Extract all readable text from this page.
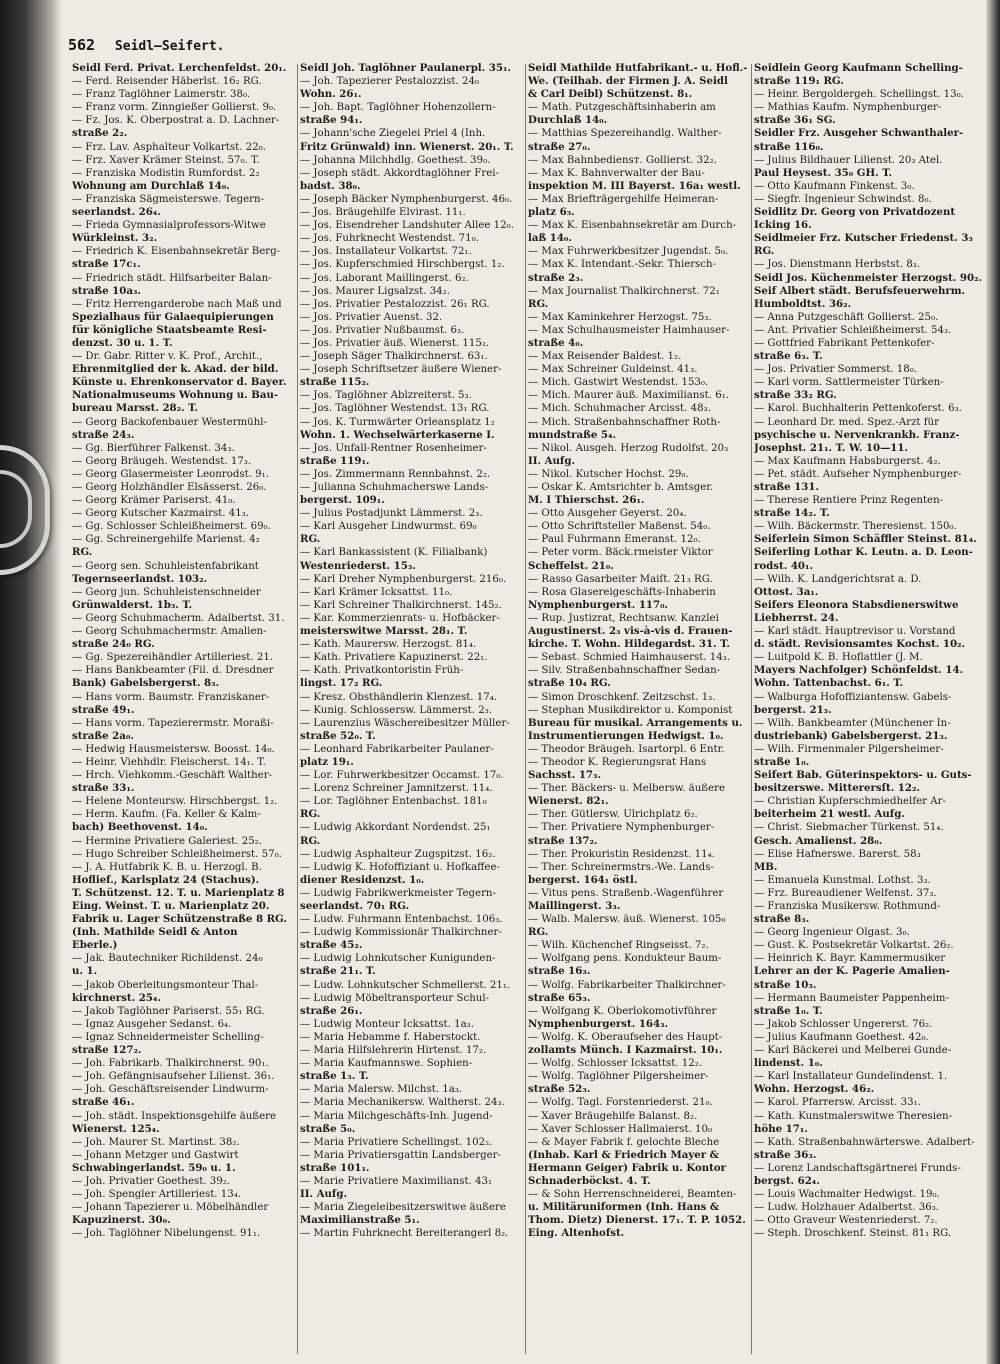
562 Seidl—Seifert.
Seidl Ferd. Privat. Lerchenfeldst. 20₁.
— Ferd. Reisender Häberlst. 16₂ RG.
— Franz Taglöhner Laimerstr. 38₀.
— Franz vorm. Zinngießer Gollierst. 9₀.
— Fz. Jos. K. Oberpostrat a. D. Lachner-
straße 2₂.
— Frz. Lav. Asphalteur Volkartst. 22₀.
— Frz. Xaver Krämer Steinst. 57₀. T.
— Franziska Modistin Rumfordst. 2₂
Wohnung am Durchlaß 14₀.
— Franziska Sägmeisterswe. Tegern-
seerlandst. 26₄.
— Frieda Gymnasialprofessors-Witwe
Würkleinst. 3₂.
— Friedrich K. Eisenbahnsekretär Berg-
straße 17c₁.
— Friedrich städt. Hilfsarbeiter Balan-
straße 10a₃.
— Fritz Herrengarderobe nach Maß und
Spezialhaus für Galaequipierungen
für königliche Staatsbeamte Resi-
denzst. 30 u. 1. T.
— Dr. Gabr. Ritter v. K. Prof., Archit.,
Ehrenmitglied der k. Akad. der bild.
Künste u. Ehrenkonservator d. Bayer.
Nationalmuseums Wohnung u. Bau-
bureau Marsst. 28₂. T.
— Georg Backofenbauer Westermühl-
straße 24₃.
— Gg. Bierführer Falkenst. 34₃.
— Georg Bräugeh. Westendst. 17₃.
— Georg Glasermeister Leonrodst. 9₁.
— Georg Holzhändler Elsässerst. 26₀.
— Georg Krämer Pariserst. 41₀.
— Georg Kutscher Kazmairst. 41₃.
— Gg. Schlosser Schleißheimerst. 69₀.
— Gg. Schreinergehilfe Marienst. 4₂
RG.
— Georg sen. Schuhleistenfabrikant
Tegernseerlandst. 103₂.
— Georg jun. Schuhleistenschneider
Grünwalderst. 1b₃. T.
— Georg Schuhmacherm. Adalbertst. 31.
— Georg Schuhmachermstr. Amalien-
straße 24₀ RG.
— Gg. Spezereihändler Artilleriest. 21.
— Hans Bankbeamter (Fil. d. Dresdner
Bank) Gabelsbergerst. 8₃.
— Hans vorm. Baumstr. Franziskaner-
straße 49₁.
— Hans vorm. Tapezierermstr. Moraßi-
straße 2a₀.
— Hedwig Hausmeistersw. Boosst. 14₀.
— Heinr. Viehhdlr. Fleischerst. 14₁. T.
— Hrch. Viehkomm.-Geschäft Walther-
straße 33₁.
— Helene Monteursw. Hirschbergst. 1₂.
— Herm. Kaufm. (Fa. Keller & Kalm-
bach) Beethovenst. 14₀.
— Hermine Privatiere Galeriest. 25₂.
— Hugo Schreiber Schleißheimerst. 57₀.
— J. A. Hutfabrik K. B. u. Herzogl. B.
Hoflief., Karlsplatz 24 (Stachus).
T. Schützenst. 12. T. u. Marienplatz 8
Eing. Weinst. T. u. Marienplatz 20.
Fabrik u. Lager Schützenstraße 8 RG.
(Inh. Mathilde Seidl & Anton
Eberle.)
— Jak. Bautechniker Richildenst. 24₀
u. 1.
— Jakob Oberleitungsmonteur Thal-
kirchnerst. 25₄.
— Jakob Taglöhner Pariserst. 55₁ RG.
— Ignaz Ausgeher Sedanst. 6₄.
— Ignaz Schneidermeister Schelling-
straße 127₂.
— Joh. Fabrikarb. Thalkirchnerst. 90₁.
— Joh. Gefängnisaufseher Lilienst. 36₁.
— Joh. Geschäftsreisender Lindwurm-
straße 46₁.
— Joh. städt. Inspektionsgehilfe äußere
Wienerst. 125₄.
— Joh. Maurer St. Martinst. 38₂.
— Johann Metzger und Gastwirt
Schwabingerlandst. 59₀ u. 1.
— Joh. Privatier Goethest. 39₂.
— Joh. Spengler Artilleriest. 13₄.
— Johann Tapezierer u. Möbelhändler
Kapuzinerst. 30₀.
— Joh. Taglöhner Nibelungenst. 91₁.
Seidl Joh. Taglöhner Paulanerpl. 35₁.
— Joh. Tapezierer Pestalozzist. 24₀
Wohn. 26₁.
— Joh. Bapt. Taglöhner Hohenzollern-
straße 94₁.
— Johann'sche Ziegelei Priel 4 (Inh.
Fritz Grünwald) inn. Wienerst. 20₁. T.
— Johanna Milchhdlg. Goethest. 39₀.
— Joseph städt. Akkordtaglöhner Frei-
badst. 38₀.
— Joseph Bäcker Nymphenburgerst. 46₀.
— Jos. Bräugehilfe Elvirast. 11₁.
— Jos. Eisendreher Landshuter Allee 12₀.
— Jos. Fuhrknecht Westendst. 71₀.
— Jos. Installateur Volkartst. 72₁.
— Jos. Kupferschmied Hirschbergst. 1₂.
— Jos. Laborant Maillingerst. 6₂.
— Jos. Maurer Ligsalzst. 34₂.
— Jos. Privatier Pestalozzist. 26₁ RG.
— Jos. Privatier Auenst. 32.
— Jos. Privatier Nußbaumst. 6₃.
— Jos. Privatier äuß. Wienerst. 115₂.
— Joseph Säger Thalkirchnerst. 63₁.
— Joseph Schriftsetzer äußere Wiener-
straße 115₂.
— Jos. Taglöhner Ablzreiterst. 5₃.
— Jos. Taglöhner Westendst. 13₁ RG.
— Jos. K. Turmwärter Orleansplatz 1₂
Wohn. 1. Wechselwärterkaserne I.
— Jos. Unfall-Rentner Rosenheimer-
straße 119₁.
— Jos. Zimmermann Rennbahnst. 2₂.
— Julianna Schuhmacherswe Lands-
bergerst. 109₁.
— Julius Postadjunkt Lämmerst. 2₃.
— Karl Ausgeher Lindwurmst. 69₀
RG.
— Karl Bankassistent (K. Filialbank)
Westenriederst. 15₃.
— Karl Dreher Nymphenburgerst. 216₀.
— Karl Krämer Icksattst. 11₀.
— Karl Schreiner Thalkirchnerst. 145₂.
— Kar. Kommerzienrats- u. Hofbäcker-
meisterswitwe Marsst. 28₁. T.
— Kath. Maurersw. Herzogst. 81₄.
— Kath. Privatiere Kapuzinerst. 22₁.
— Kath. Privatkontoristin Früh-
lingst. 17₂ RG.
— Kresz. Obsthändlerin Klenzest. 17₄.
— Kunig. Schlossersw. Lämmerst. 2₃.
— Laurenzius Wäschereibesitzer Müller-
straße 52₀. T.
— Leonhard Fabrikarbeiter Paulaner-
platz 19₁.
— Lor. Fuhrwerkbesitzer Occamst. 17₀.
— Lorenz Schreiner Jamnitzerst. 11₄.
— Lor. Taglöhner Entenbachst. 181₀
RG.
— Ludwig Akkordant Nordendst. 25₁
RG.
— Ludwig Asphalteur Zugspitzst. 16₂.
— Ludwig K. Hofoffiziant u. Hofkaffee-
diener Residenzst. 1₀.
— Ludwig Fabrikwerkmeister Tegern-
seerlandst. 70₁ RG.
— Ludw. Fuhrmann Entenbachst. 106₃.
— Ludwig Kommissionär Thalkirchner-
straße 45₂.
— Ludwig Lohnkutscher Kunigunden-
straße 21₁. T.
— Ludw. Lohnkutscher Schmellerst. 21₁.
— Ludwig Möbeltransporteur Schul-
straße 26₁.
— Ludwig Monteur Icksattst. 1a₃.
— Maria Hebamme f. Haberstockt.
— Maria Hilfslehrerin Hirtenst. 17₂.
— Maria Kaufmannswe. Sophien-
straße 1₃. T.
— Maria Malersw. Milchst. 1a₃.
— Maria Mechanikersw. Waltherst. 24₃.
— Maria Milchgeschäfts-Inh. Jugend-
straße 5₀.
— Maria Privatiere Schellingst. 102₂.
— Maria Privatiersgattin Landsberger-
straße 101₁.
— Marie Privatiere Maximilianst. 43₁
II. Aufg.
— Maria Ziegeleibesitzerswitwe äußere
Maximilianstraße 5₁.
— Martin Fuhrknecht Bereiterangerl 8₂.
Seidl Mathilde Hutfabrikant.- u. Hofl.-
We. (Teilhab. der Firmen J. A. Seidl
& Carl Deibl) Schützenst. 8₁.
— Math. Putzgeschäftsinhaberin am
Durchlaß 14₀.
— Matthias Spezereihandlg. Walther-
straße 27₀.
— Max Bahnbediensт. Gollierst. 32₂.
— Max K. Bahnverwalter der Bau-
inspektion M. III Bayerst. 16a₁ westl.
— Max Briefträgergehilfe Heimeran-
platz 6₃.
— Max K. Eisenbahnsekretär am Durch-
laß 14₀.
— Max Fuhrwerkbesitzer Jugendst. 5₀.
— Max K. Intendant.-Sekr. Thiersch-
straße 2₃.
— Max Journalist Thalkirchnerst. 72₁
RG.
— Max Kaminkehrer Herzogst. 75₃.
— Max Schulhausmeister Haimhauser-
straße 4₀.
— Max Reisender Baldest. 1₂.
— Max Schreiner Guldeinst. 41₃.
— Mich. Gastwirt Westendst. 153₀.
— Mich. Maurer äuß. Maximilianst. 6₁.
— Mich. Schuhmacher Arcisst. 48₃.
— Mich. Straßenbahnschaffner Roth-
mundstraße 5₄.
— Nikol. Ausgeh. Herzog Rudolfst. 20₃
II. Aufg.
— Nikol. Kutscher Hochst. 29₀.
— Oskar K. Amtsrichter b. Amtsger.
M. I Thierschst. 26₁.
— Otto Ausgeher Geyerst. 20₄.
— Otto Schriftsteller Maßenst. 54₀.
— Paul Fuhrmann Emeranst. 12₀.
— Peter vorm. Bäck.rmeister Viktor
Scheffelst. 21₀.
— Rasso Gasarbeiter Maiſt. 21₃ RG.
— Rosa Glasereigeschäfts-Inhaberin
Nymphenburgerst. 117₀.
— Rup. Justizrat, Rechtsanw. Kanzlei
Augustinerst. 2₃ vis-à-vis d. Frauen-
kirche. T. Wohn. Hildegardst. 31. T.
— Sebast. Schmied Haimhauserst. 14₃.
— Silv. Straßenbahnschaffner Sedan-
straße 10₄ RG.
— Simon Droschkenf. Zeitzschst. 1₃.
— Stephan Musikdirektor u. Komponist
Bureau für musikal. Arrangements u.
Instrumentierungen Hedwigst. 1₀.
— Theodor Bräugeh. Isartorpl. 6 Entr.
— Theodor K. Regierungsrat Hans
Sachsst. 17₃.
— Ther. Bäckers- u. Melbersw. äußere
Wienerst. 82₁.
— Ther. Gütlersw. Ulrichplatz 6₂.
— Ther. Privatiere Nymphenburger-
straße 137₂.
— Ther. Prokuristin Residenzst. 11₄.
— Ther. Schreinermstrs.-We. Lands-
bergerst. 164₁ östl.
— Vitus pens. Straßenb.-Wagenführer
Maillingerst. 3₃.
— Walb. Malersw. äuß. Wienerst. 105₀
RG.
— Wilh. Küchenchef Ringseisst. 7₂.
— Wolfgang pens. Kondukteur Baum-
straße 16₃.
— Wolfg. Fabrikarbeiter Thalkirchner-
straße 65₃.
— Wolfgang K. Oberlokomotivführer
Nymphenburgerst. 164₃.
— Wolfg. K. Oberaufseher des Haupt-
zollamts Münch. I Kazmairst. 10₁.
— Wolfg. Schlosser Icksattst. 12₂.
— Wolfg. Taglöhner Pilgersheimer-
straße 52₃.
— Wolfg. Tagl. Forstenriederst. 21₀.
— Xaver Bräugehilfe Balanst. 8₂.
— Xaver Schlosser Hallmaierst. 10₀
— & Mayer Fabrik f. gelochte Bleche
(Inhab. Karl & Friedrich Mayer &
Hermann Geiger) Fabrik u. Kontor
Schnaderböckst. 4. T.
— & Sohn Herrenschneiderei, Beamten-
u. Militäruniformen (Inh. Hans &
Thom. Dietz) Dienerst. 17₁. T. P. 1052.
Eing. Altenhofst.
Seidlein Georg Kaufmann Schelling-
straße 119₁ RG.
— Heinr. Bergoldergeh. Schellingst. 13₀.
— Mathias Kaufm. Nymphenburger-
straße 36₁ SG.
Seidler Frz. Ausgeher Schwanthaler-
straße 116₀.
— Julius Bildhauer Lilienst. 20₃ Atel.
Paul Heysest. 35₀ GH. T.
— Otto Kaufmann Finkenst. 3₀.
— Siegfr. Ingenieur Schwindst. 8₀.
Seidlitz Dr. Georg von Privatdozent
Icking 16.
Seidlmeier Frz. Kutscher Friedenst. 3₃
RG.
— Jos. Dienstmann Herbstst. 8₃.
Seidl Jos. Küchenmeister Herzogst. 90₂.
Seif Albert städt. Berufsfeuerwehrm.
Humboldtst. 36₂.
— Anna Putzgeschäft Gollierst. 25₀.
— Ant. Privatier Schleißheimerst. 54₃.
— Gottfried Fabrikant Pettenkofer-
straße 6₃. T.
— Jos. Privatier Sommerst. 18₀.
— Karl vorm. Sattlermeister Türken-
straße 33₂ RG.
— Karol. Buchhalterin Pettenkoferst. 6₃.
— Leonhard Dr. med. Spez.-Arzt für
psychische u. Nervenkrankh. Franz-
Josephst. 21₁. T. W. 10—11.
— Max Kaufmann Habsburgerst. 4₂.
— Pet. städt. Aufseher Nymphenburger-
straße 131.
— Therese Rentiere Prinz Regenten-
straße 14₂. T.
— Wilh. Bäckermstr. Theresienst. 150₀.
Seiferlein Simon Schäffler Steinst. 81₄.
Seiferling Lothar K. Leutn. a. D. Leon-
rodst. 40₁.
— Wilh. K. Landgerichtsrat a. D.
Ottost. 3a₁.
Seifers Eleonora Stabsdienerswitwe
Liebherrst. 24.
— Karl städt. Hauptrevisor u. Vorstand
d. städt. Revisionsamtes Kochst. 10₂.
— Luitpold K. B. Hoflattler (J. M.
Mayers Nachfolger) Schönfeldst. 14.
Wohn. Tattenbachst. 6₁. T.
— Walburga Hofoffiziantensw. Gabels-
bergerst. 21₃.
— Wilh. Bankbeamter (Münchener In-
dustriebank) Gabelsbergerst. 21₃.
— Wilh. Firmenmaler Pilgersheimer-
straße 1₀.
Seifert Bab. Güterinspektors- u. Guts-
besitzerswe. Mitterersſt. 12₂.
— Christian Kupferschmiedhelfer Ar-
beiterheim 21 westl. Aufg.
— Christ. Siebmacher Türkenst. 51₄.
Gesch. Amalienst. 28₀.
— Elise Hafnerswe. Barerst. 58₃
MB.
— Emanuela Kunstmal. Lothst. 3₃.
— Frz. Bureaudiener Welfenst. 37₃.
— Franziska Musikersw. Rothmund-
straße 8₃.
— Georg Ingenieur Olgast. 3₀.
— Gust. K. Postsekretär Volkartst. 26₂.
— Heinrich K. Bayr. Kammermusiker
Lehrer an der K. Pagerie Amalien-
straße 10₃.
— Hermann Baumeister Pappenheim-
straße 1₀. T.
— Jakob Schlosser Ungererst. 76₂.
— Julius Kaufmann Goethest. 42₀.
— Karl Bäckerei und Melberei Gunde-
lindenst. 1₀.
— Karl Installateur Gundelindenst. 1.
Wohn. Herzogst. 46₂.
— Karol. Pfarrersw. Arcisst. 33₁.
— Kath. Kunstmalerswitwe Theresien-
höhe 17₁.
— Kath. Straßenbahnwärterswe. Adalbert-
straße 36₃.
— Lorenz Landschaftsgärtnerei Frunds-
bergst. 62₄.
— Louis Wachmalter Hedwigst. 19₀.
— Ludw. Holzhauer Adalbertst. 36₃.
— Otto Graveur Westenriederst. 7₂.
— Steph. Droschkenf. Steinst. 81₁ RG.
